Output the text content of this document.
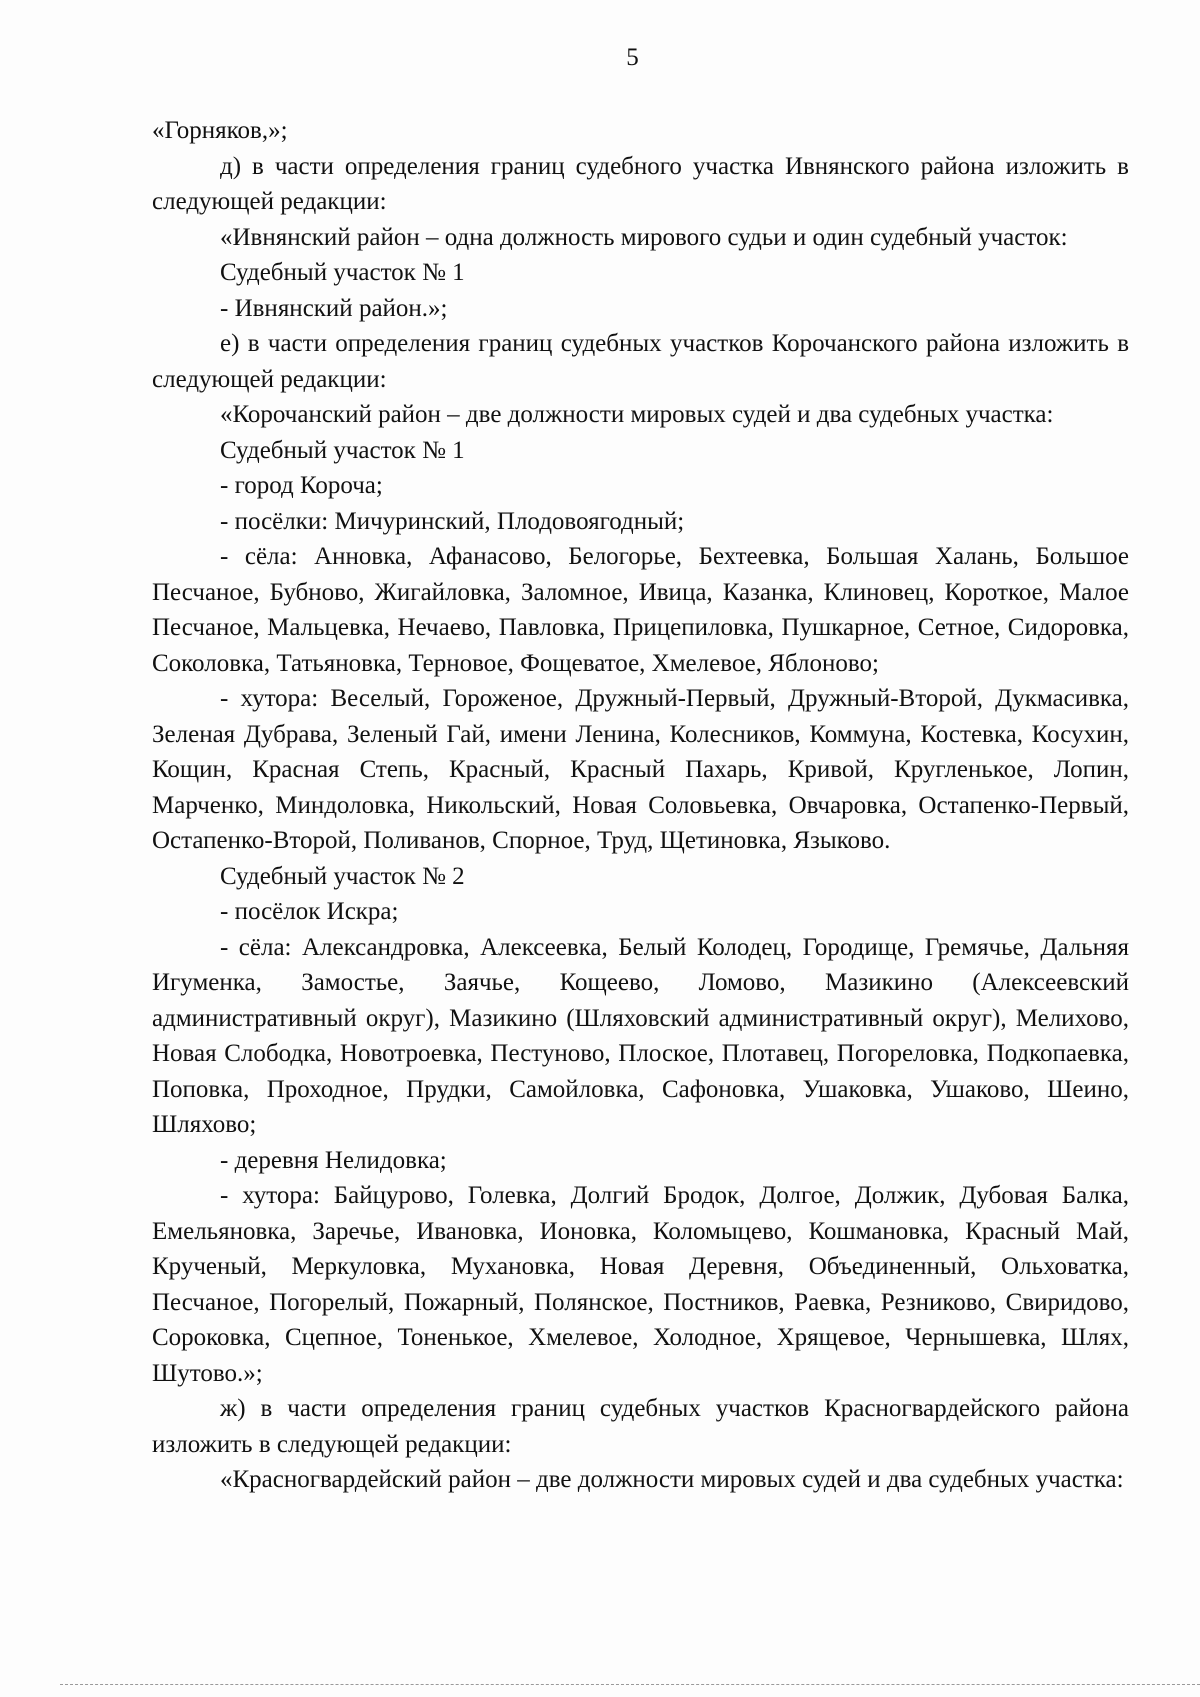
5

«Горняков,»;

д) в части определения границ судебного участка Ивнянского района изложить в следующей редакции:

«Ивнянский район – одна должность мирового судьи и один судебный участок:

Судебный участок № 1

- Ивнянский район.»;

е) в части определения границ судебных участков Корочанского района изложить в следующей редакции:

«Корочанский район – две должности мировых судей и два судебных участка:

Судебный участок № 1

- город Короча;

- посёлки: Мичуринский, Плодовоягодный;

- сёла: Анновка, Афанасово, Белогорье, Бехтеевка, Большая Халань, Большое Песчаное, Бубново, Жигайловка, Заломное, Ивица, Казанка, Клиновец, Короткое, Малое Песчаное, Мальцевка, Нечаево, Павловка, Прицепиловка, Пушкарное, Сетное, Сидоровка, Соколовка, Татьяновка, Терновое, Фощеватое, Хмелевое, Яблоново;

- хутора: Веселый, Гороженое, Дружный-Первый, Дружный-Второй, Дукмасивка, Зеленая Дубрава, Зеленый Гай, имени Ленина, Колесников, Коммуна, Костевка, Косухин, Кощин, Красная Степь, Красный, Красный Пахарь, Кривой, Кругленькое, Лопин, Марченко, Миндоловка, Никольский, Новая Соловьевка, Овчаровка, Остапенко-Первый, Остапенко-Второй, Поливанов, Спорное, Труд, Щетиновка, Языково.

Судебный участок № 2

- посёлок Искра;

- сёла: Александровка, Алексеевка, Белый Колодец, Городище, Гремячье, Дальняя Игуменка, Замостье, Заячье, Кощеево, Ломово, Мазикино (Алексеевский административный округ), Мазикино (Шляховский административный округ), Мелихово, Новая Слободка, Новотроевка, Пестуново, Плоское, Плотавец, Погореловка, Подкопаевка, Поповка, Проходное, Прудки, Самойловка, Сафоновка, Ушаковка, Ушаково, Шеино, Шляхово;

- деревня Нелидовка;

- хутора: Байцурово, Голевка, Долгий Бродок, Долгое, Должик, Дубовая Балка, Емельяновка, Заречье, Ивановка, Ионовка, Коломыцево, Кошмановка, Красный Май, Крученый, Меркуловка, Мухановка, Новая Деревня, Объединенный, Ольховатка, Песчаное, Погорелый, Пожарный, Полянское, Постников, Раевка, Резниково, Свиридово, Сороковка, Сцепное, Тоненькое, Хмелевое, Холодное, Хрящевое, Чернышевка, Шлях, Шутово.»;

ж) в части определения границ судебных участков Красногвардейского района изложить в следующей редакции:

«Красногвардейский район – две должности мировых судей и два судебных участка:
